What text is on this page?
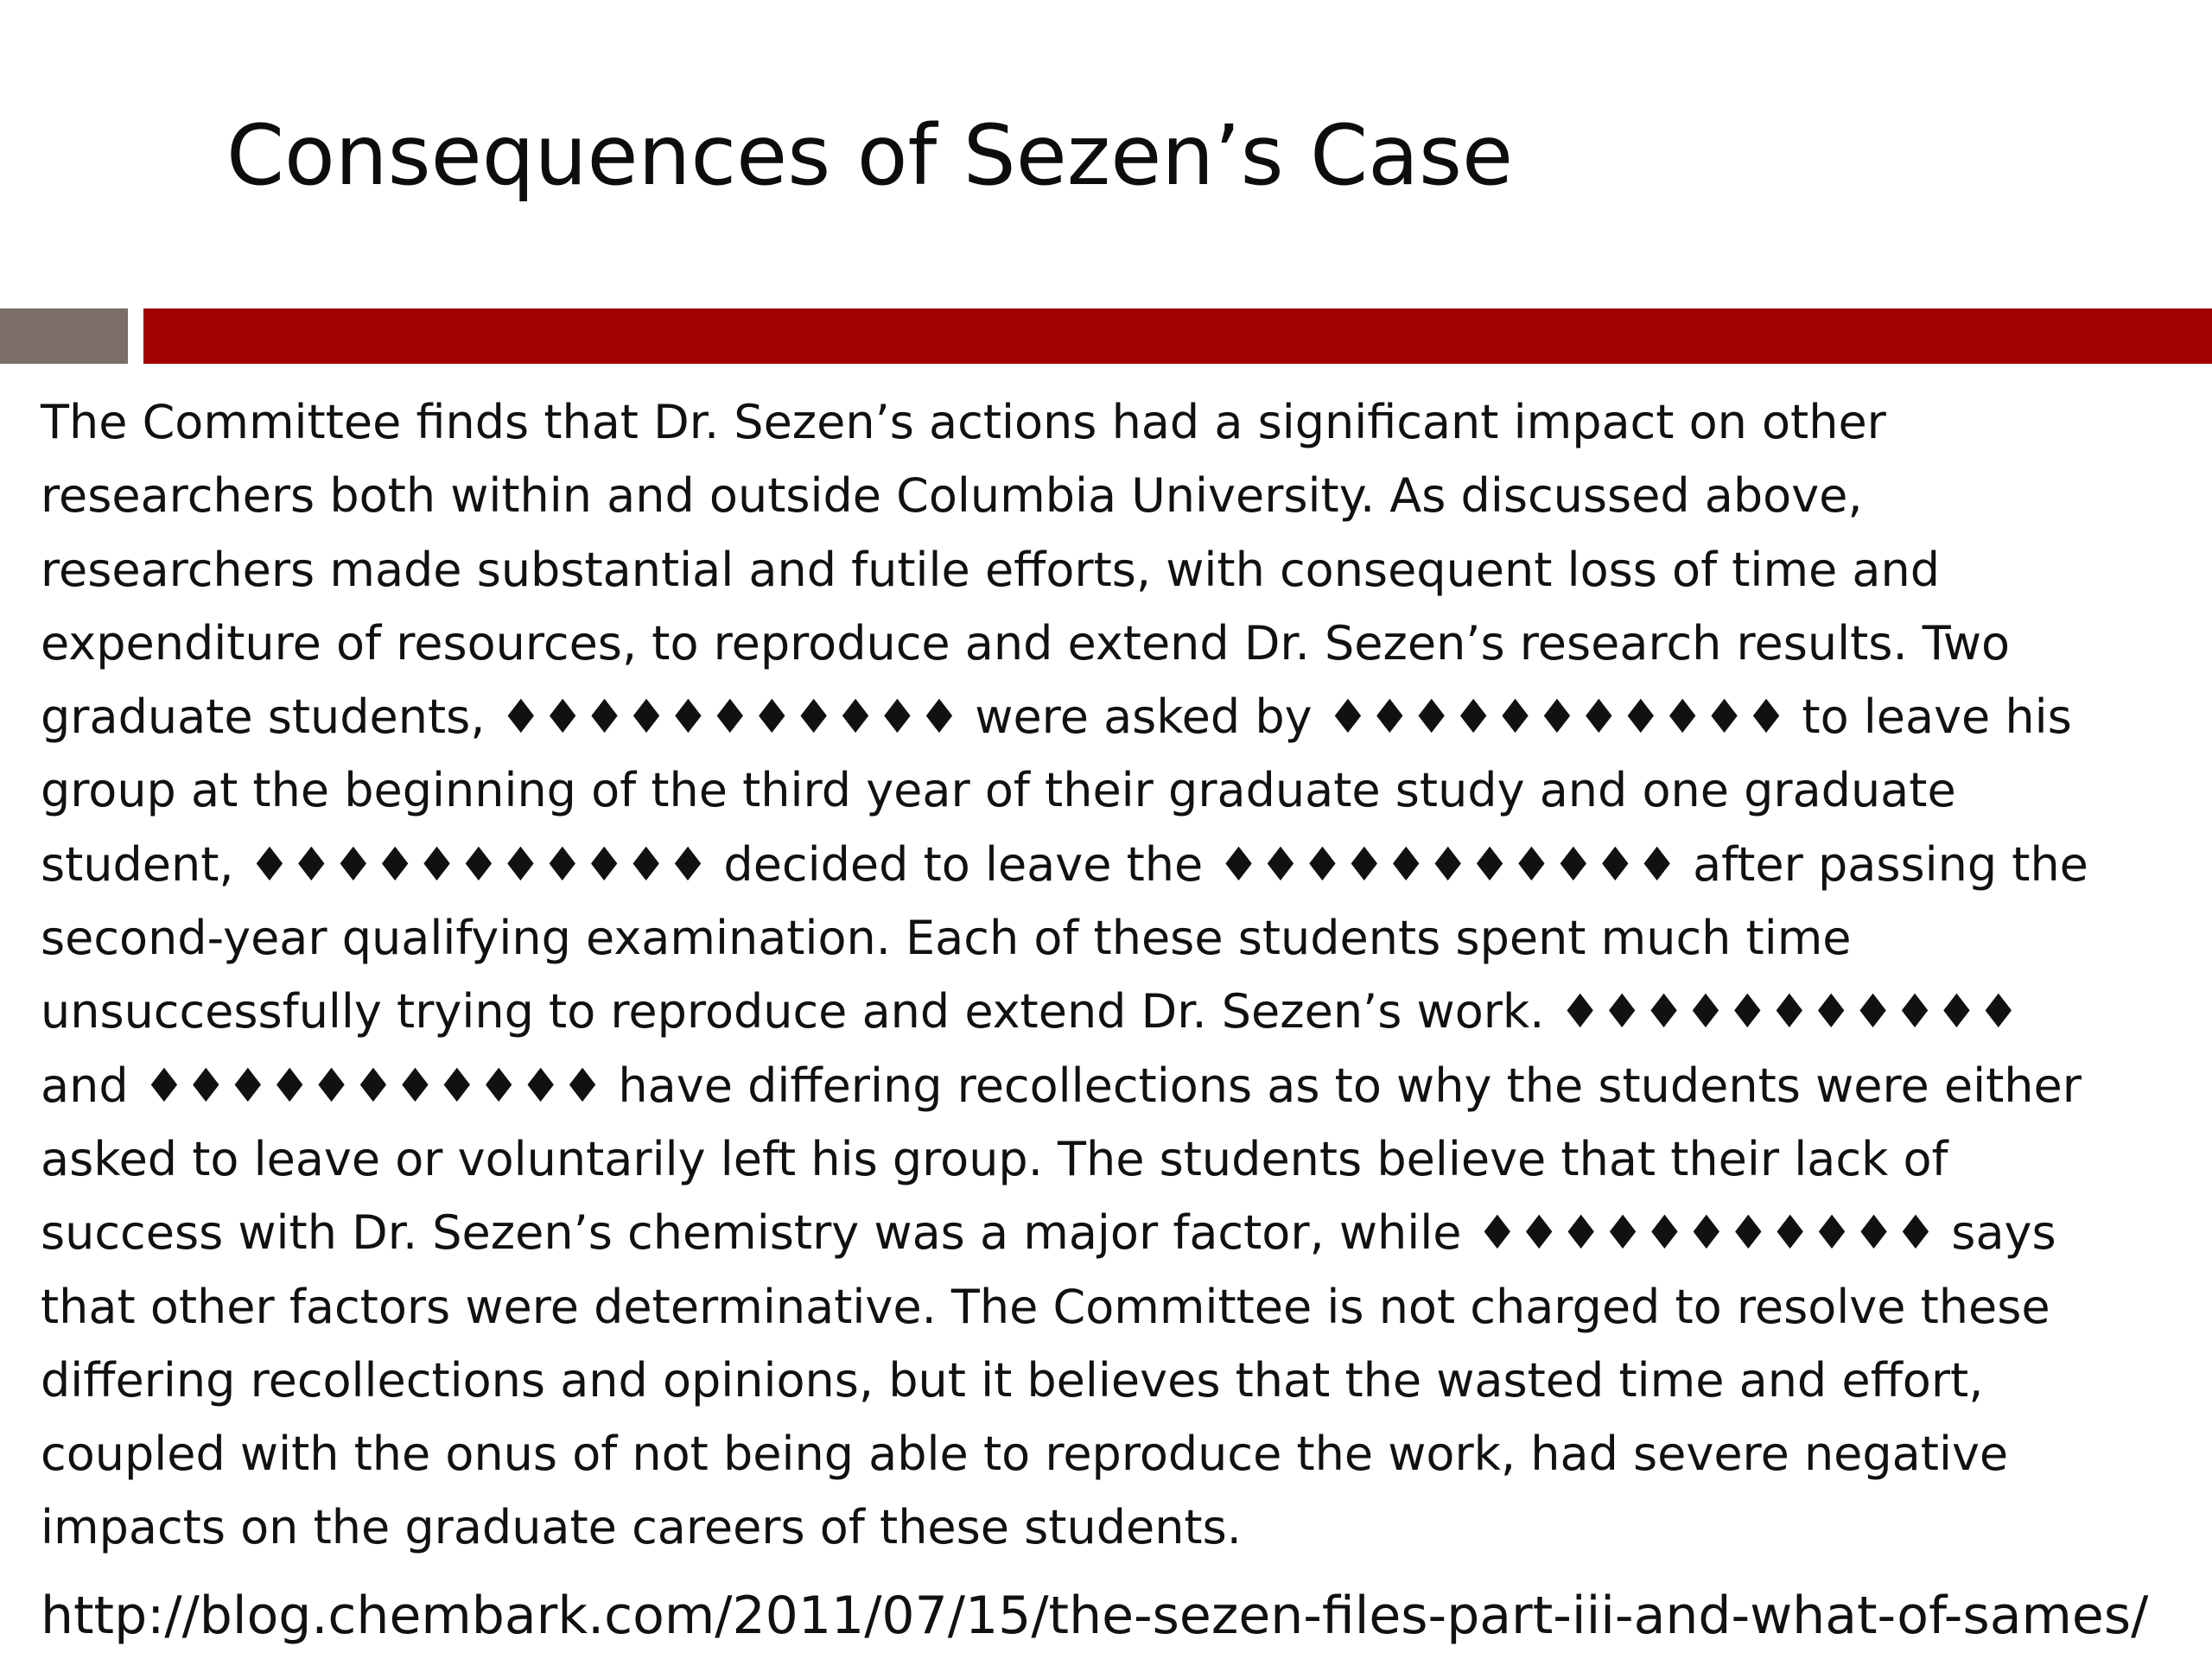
Consequences of Sezen’s Case

The Committee finds that Dr. Sezen’s actions had a significant impact on other
researchers both within and outside Columbia University. As discussed above,
researchers made substantial and futile efforts, with consequent loss of time and
expenditure of resources, to reproduce and extend Dr. Sezen’s research results. Two
graduate students, ♦♦♦♦♦♦♦♦♦♦♦ were asked by ♦♦♦♦♦♦♦♦♦♦♦ to leave his
group at the beginning of the third year of their graduate study and one graduate
student, ♦♦♦♦♦♦♦♦♦♦♦ decided to leave the ♦♦♦♦♦♦♦♦♦♦♦ after passing the
second-year qualifying examination. Each of these students spent much time
unsuccessfully trying to reproduce and extend Dr. Sezen’s work. ♦♦♦♦♦♦♦♦♦♦♦
and ♦♦♦♦♦♦♦♦♦♦♦ have differing recollections as to why the students were either
asked to leave or voluntarily left his group. The students believe that their lack of
success with Dr. Sezen’s chemistry was a major factor, while ♦♦♦♦♦♦♦♦♦♦♦ says
that other factors were determinative. The Committee is not charged to resolve these
differing recollections and opinions, but it believes that the wasted time and effort,
coupled with the onus of not being able to reproduce the work, had severe negative
impacts on the graduate careers of these students.

http://blog.chembark.com/2011/07/15/the-sezen-files-part-iii-and-what-of-sames/
